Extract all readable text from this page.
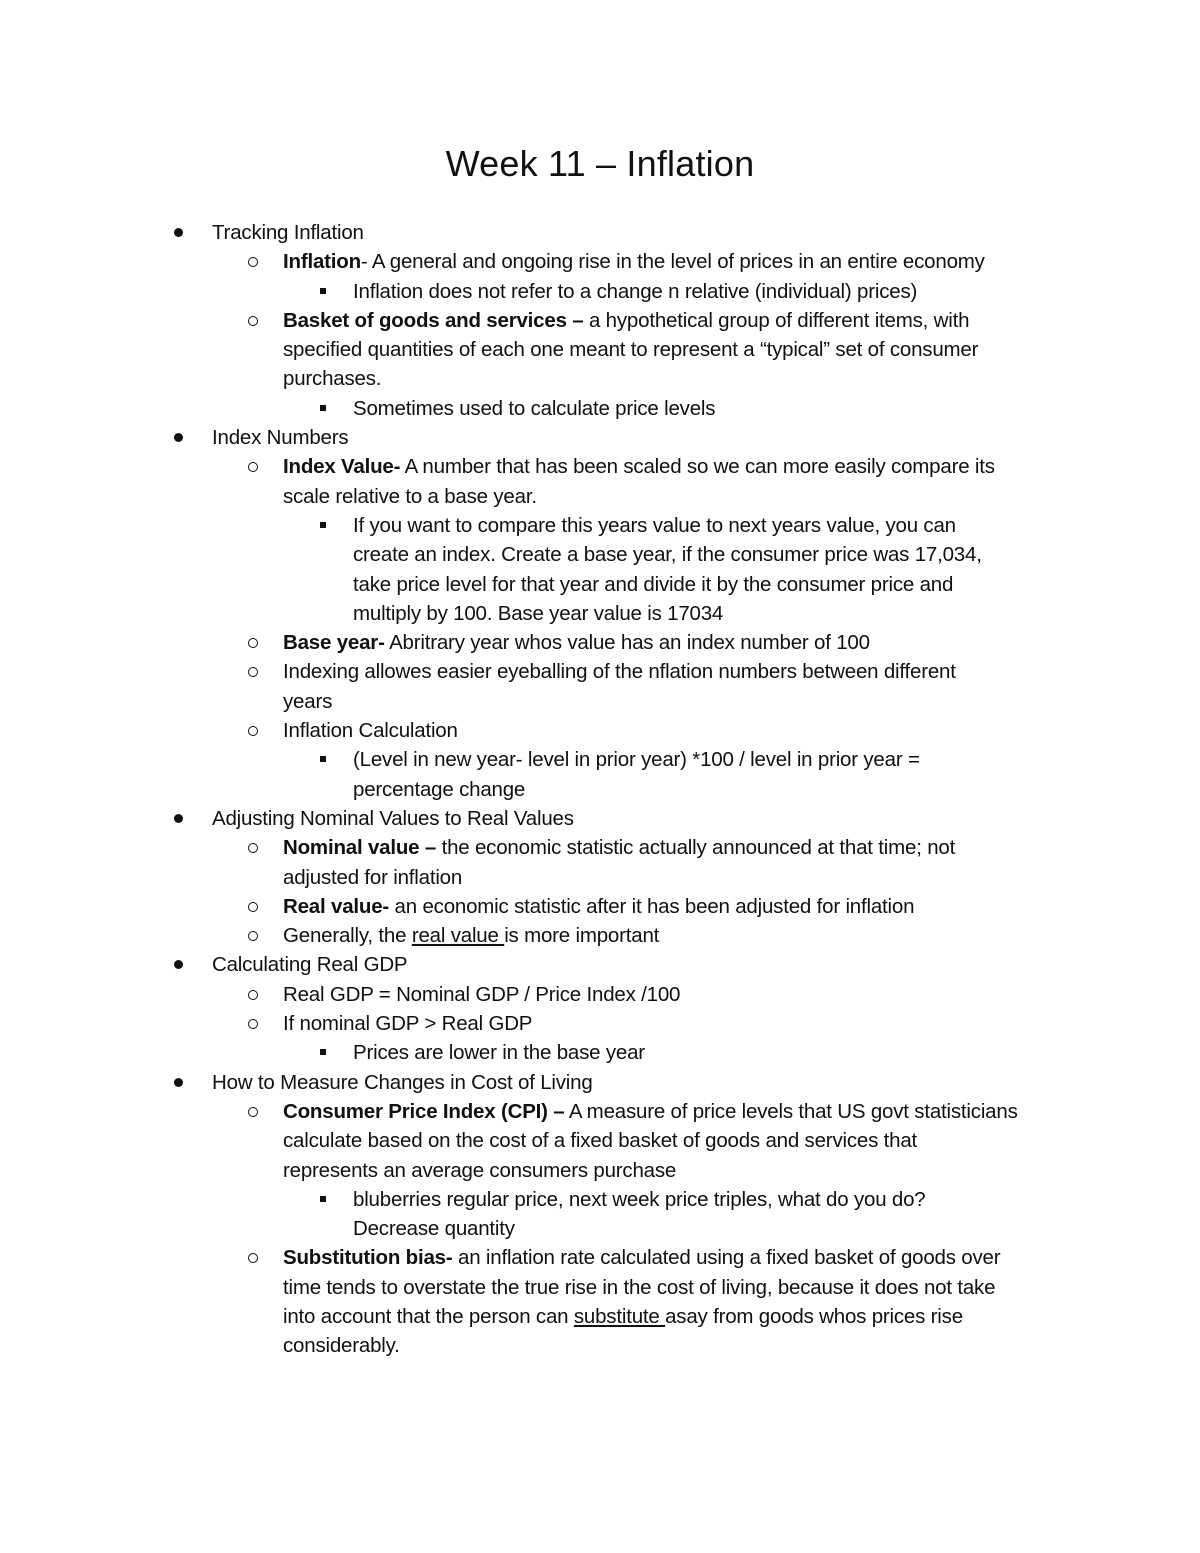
Week 11 – Inflation
Tracking Inflation
Inflation- A general and ongoing rise in the level of prices in an entire economy
Inflation does not refer to a change n relative (individual) prices)
Basket of goods and services – a hypothetical group of different items, with
specified quantities of each one meant to represent a “typical” set of consumer
purchases.
Sometimes used to calculate price levels
Index Numbers
Index Value- A number that has been scaled so we can more easily compare its
scale relative to a base year.
If you want to compare this years value to next years value, you can
create an index. Create a base year, if the consumer price was 17,034,
take price level for that year and divide it by the consumer price and
multiply by 100. Base year value is 17034
Base year- Abritrary year whos value has an index number of 100
Indexing allowes easier eyeballing of the nflation numbers between different
years
Inflation Calculation
(Level in new year- level in prior year) *100 / level in prior year =
percentage change
Adjusting Nominal Values to Real Values
Nominal value – the economic statistic actually announced at that time; not
adjusted for inflation
Real value- an economic statistic after it has been adjusted for inflation
Generally, the real value is more important
Calculating Real GDP
Real GDP = Nominal GDP / Price Index /100
If nominal GDP > Real GDP
Prices are lower in the base year
How to Measure Changes in Cost of Living
Consumer Price Index (CPI) – A measure of price levels that US govt statisticians
calculate based on the cost of a fixed basket of goods and services that
represents an average consumers purchase
bluberries regular price, next week price triples, what do you do?
Decrease quantity
Substitution bias- an inflation rate calculated using a fixed basket of goods over
time tends to overstate the true rise in the cost of living, because it does not take
into account that the person can substitute asay from goods whos prices rise
considerably.
